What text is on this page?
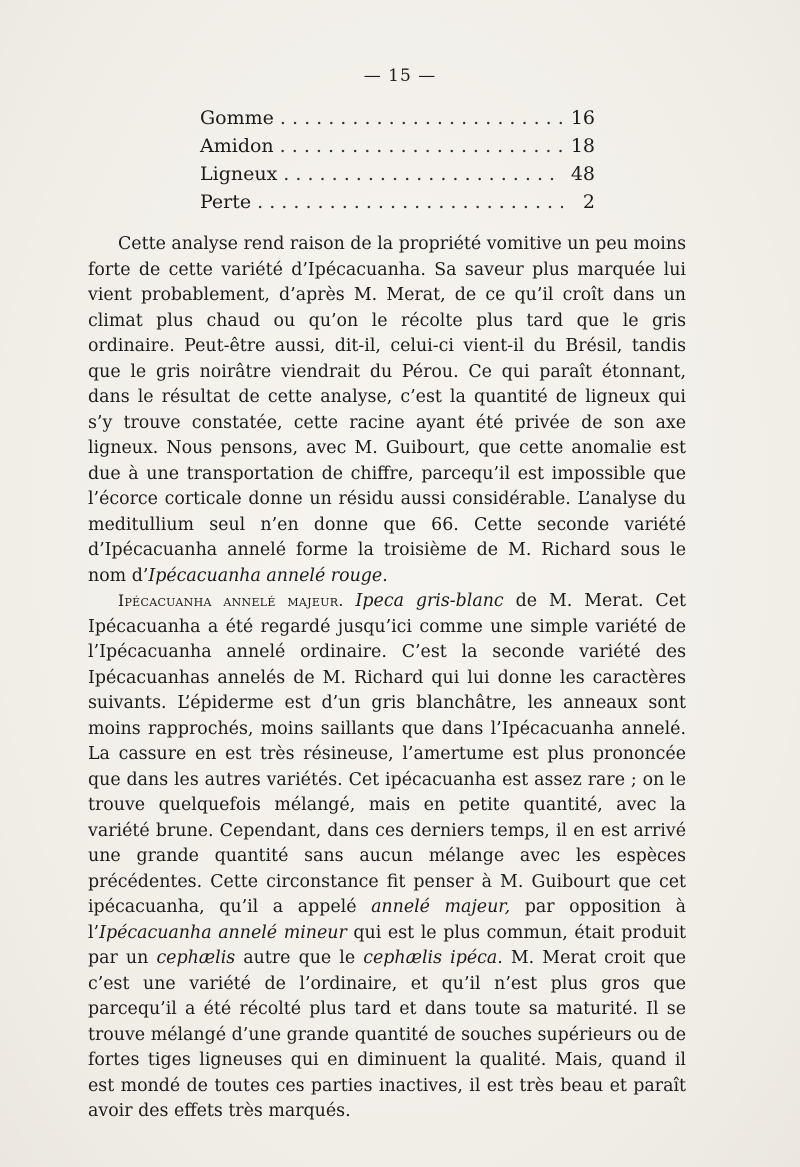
— 15 —
Gomme . . .	16
Amidon . . .	18
Ligneux . . .	48
Perte . . .	2

Cette analyse rend raison de la propriété vomitive un peu moins forte de cette variété d’Ipécacuanha. Sa saveur plus marquée lui vient probablement, d’après M. Merat, de ce qu’il croît dans un climat plus chaud ou qu’on le récolte plus tard que le gris ordinaire. Peut-être aussi, dit-il, celui-ci vient-il du Brésil, tandis que le gris noirâtre viendrait du Pérou. Ce qui paraît étonnant, dans le résultat de cette analyse, c’est la quantité de ligneux qui s’y trouve constatée, cette racine ayant été privée de son axe ligneux. Nous pensons, avec M. Guibourt, que cette anomalie est due à une transportation de chiffre, parcequ’il est impossible que l’écorce corticale donne un résidu aussi considérable. L’analyse du meditullium seul n’en donne que 66. Cette seconde variété d’Ipécacuanha annelé forme la troisième de M. Richard sous le nom d’Ipécacuanha annelé rouge.

Ipécacuanha annelé majeur. Ipeca gris-blanc de M. Merat. Cet Ipécacuanha a été regardé jusqu’ici comme une simple variété de l’Ipécacuanha annelé ordinaire. C’est la seconde variété des Ipécacuanhas annelés de M. Richard qui lui donne les caractères suivants. L’épiderme est d’un gris blanchâtre, les anneaux sont moins rapprochés, moins saillants que dans l’Ipécacuanha annelé. La cassure en est très résineuse, l’amertume est plus prononcée que dans les autres variétés. Cet ipécacuanha est assez rare ; on le trouve quelquefois mélangé, mais en petite quantité, avec la variété brune. Cependant, dans ces derniers temps, il en est arrivé une grande quantité sans aucun mélange avec les espèces précédentes. Cette circonstance fit penser à M. Guibourt que cet ipécacuanha, qu’il a appelé annelé majeur, par opposition à l’Ipécacuanha annelé mineur qui est le plus commun, était produit par un cephælis autre que le cephælis ipéca. M. Merat croit que c’est une variété de l’ordinaire, et qu’il n’est plus gros que parcequ’il a été récolté plus tard et dans toute sa maturité. Il se trouve mélangé d’une grande quantité de souches supérieurs ou de fortes tiges ligneuses qui en diminuent la qualité. Mais, quand il est mondé de toutes ces parties inactives, il est très beau et paraît avoir des effets très marqués.
